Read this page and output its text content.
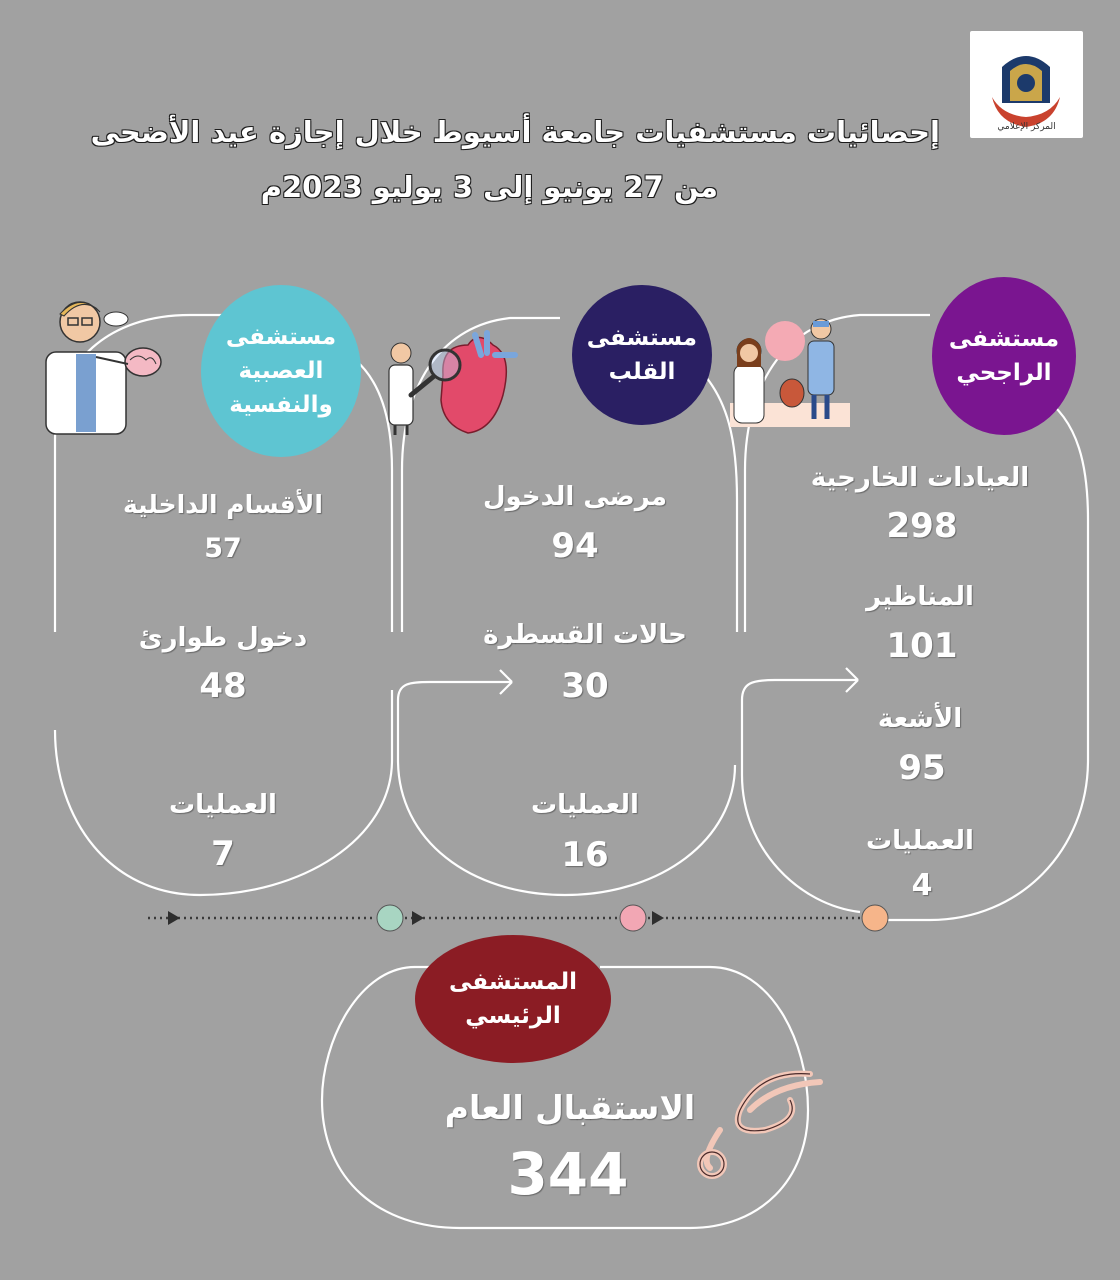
المركز الإعلامي
إحصائيات مستشفيات جامعة أسيوط خلال إجازة عيد الأضحى
من 27 يونيو إلى 3 يوليو 2023م
مستشفى العصبية والنفسية
مستشفى القلب
مستشفى الراجحي
المستشفى الرئيسي
الأقسام الداخلية
57
دخول طوارئ
48
العمليات
7
مرضى الدخول
94
حالات القسطرة
30
العمليات
16
العيادات الخارجية
298
المناظير
101
الأشعة
95
العمليات
4
الاستقبال العام
344
